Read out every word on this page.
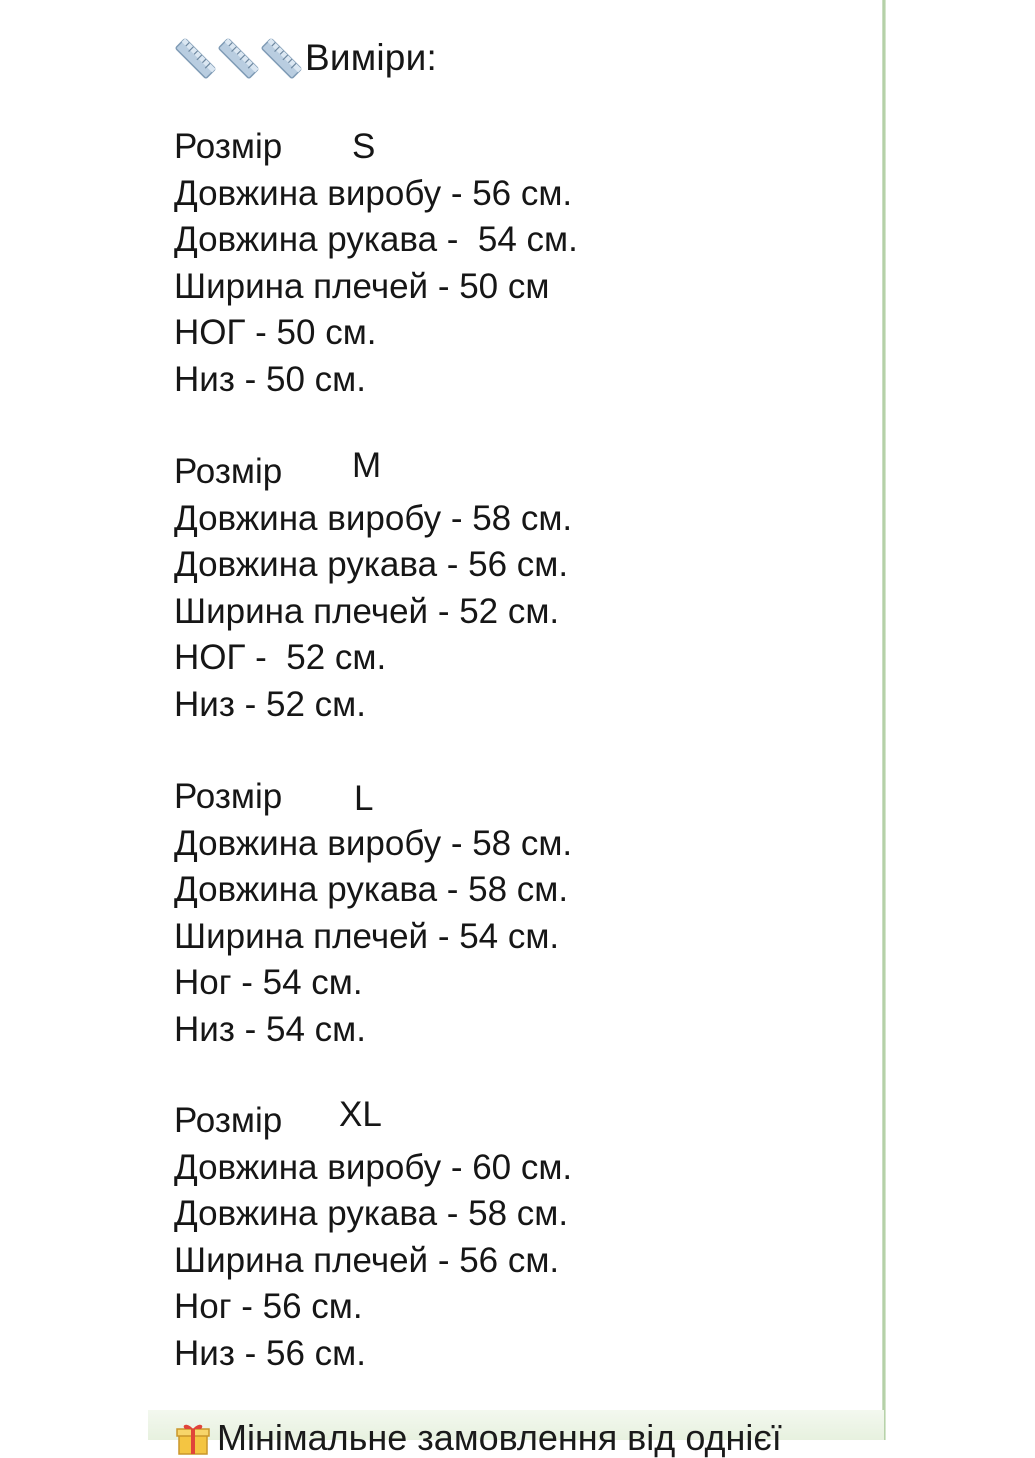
Виміри:
Розмір S
Довжина виробу - 56 см.
Довжина рукава -  54 см.
Ширина плечей - 50 см
НОГ - 50 см.
Низ - 50 см.
Розмір M
Довжина виробу - 58 см.
Довжина рукава - 56 см.
Ширина плечей - 52 см.
НОГ -  52 см.
Низ - 52 см.
Розмір L
Довжина виробу - 58 см.
Довжина рукава - 58 см.
Ширина плечей - 54 см.
Ног - 54 см.
Низ - 54 см.
Розмір XL
Довжина виробу - 60 см.
Довжина рукава - 58 см.
Ширина плечей - 56 см.
Ног - 56 см.
Низ - 56 см.
Мінімальне замовлення від однієї
